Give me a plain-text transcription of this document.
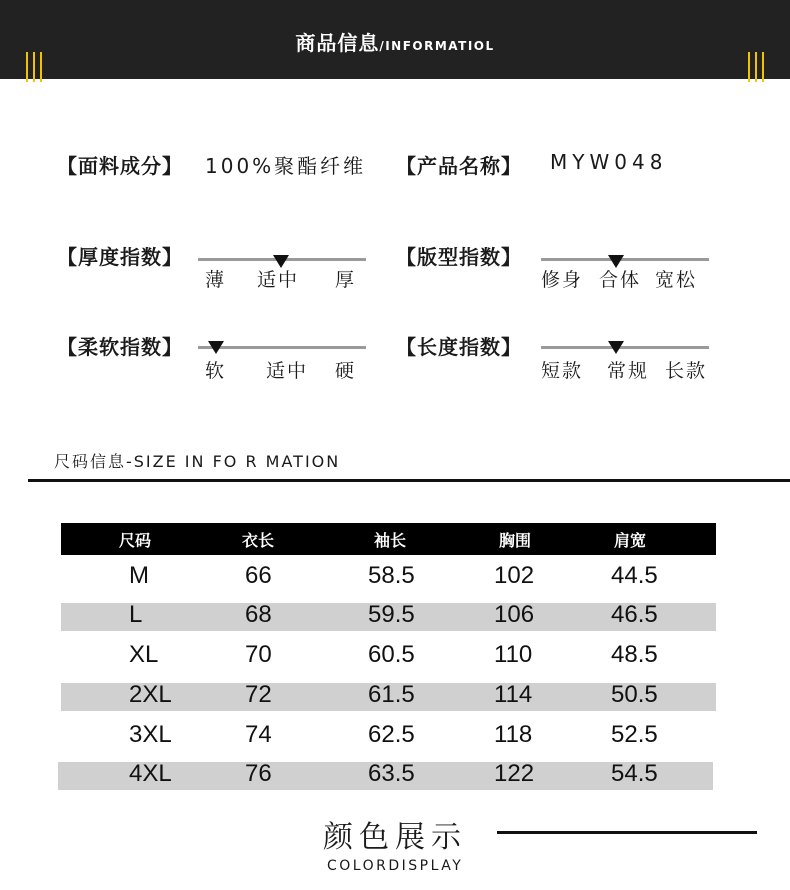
商品信息/INFORMATIOL
【面料成分】 100%聚酯纤维 【产品名称】 MYW048
【厚度指数】
薄 适中 厚
【版型指数】
修身 合体 宽松
【柔软指数】
软 适中 硬
【长度指数】
短款 常规 长款
尺码信息-SIZE IN FO R MATION
尺码	衣长	袖长	胸围	肩宽
M	66	58.5	102	44.5
L	68	59.5	106	46.5
XL	70	60.5	110	48.5
2XL	72	61.5	114	50.5
3XL	74	62.5	118	52.5
4XL	76	63.5	122	54.5
颜色展示
COLORDISPLAY
